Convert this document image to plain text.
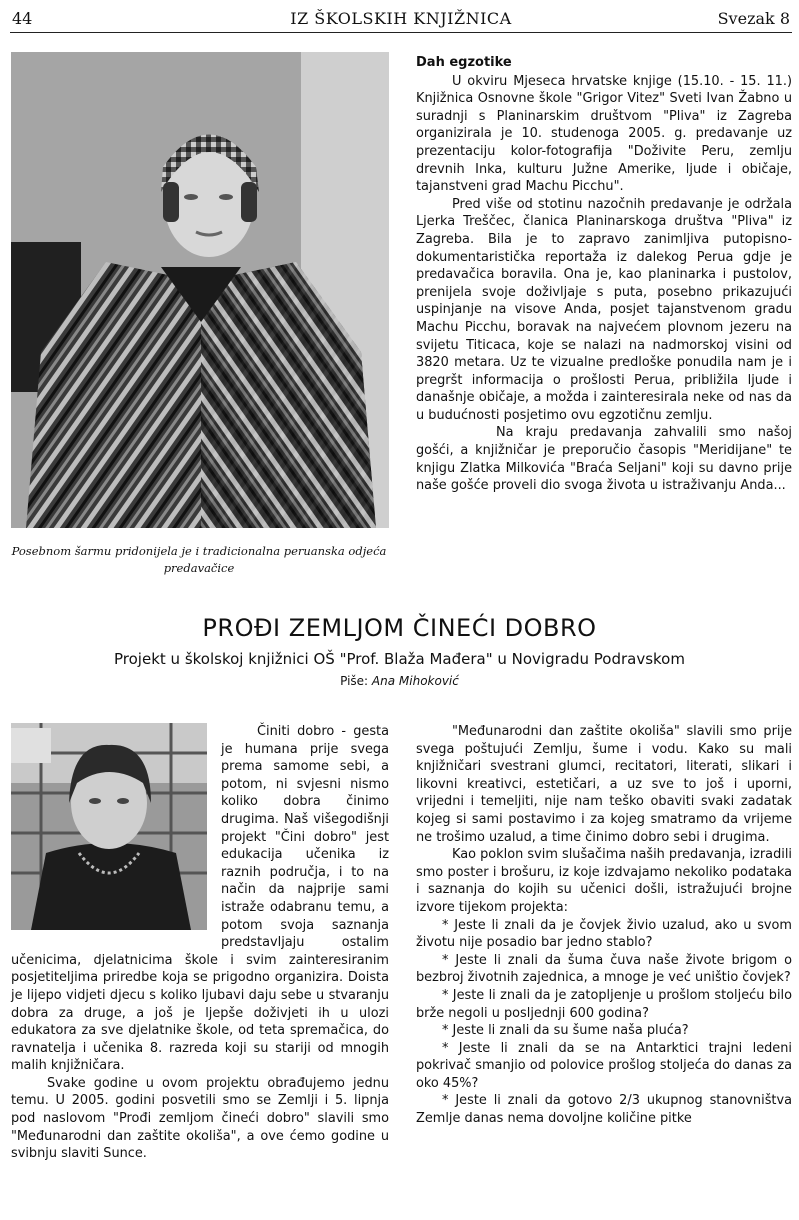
44	IZ ŠKOLSKIH KNJIŽNICA	Svezak 8
Posebnom šarmu pridonijela je i tradicionalna peruanska odjeća predavačice
Dah egzotike

U okviru Mjeseca hrvatske knjige (15.10. - 15. 11.) Knjižnica Osnovne škole "Grigor Vitez" Sveti Ivan Žabno u suradnji s Planinarskim društvom "Pliva" iz Zagreba organizirala je 10. studenoga 2005. g. predavanje uz prezentaciju kolor-fotografija "Doživite Peru, zemlju drevnih Inka, kulturu Južne Amerike, ljude i običaje, tajanstveni grad Machu Picchu".

Pred više od stotinu nazočnih predavanje je održala Ljerka Treščec, članica Planinarskoga društva "Pliva" iz Zagreba. Bila je to zapravo zanimljiva putopisno-dokumentaristička reportaža iz dalekog Perua gdje je predavačica boravila. Ona je, kao planinarka i pustolov, prenijela svoje doživljaje s puta, posebno prikazujući uspinjanje na visove Anda, posjet tajanstvenom gradu Machu Picchu, boravak na najvećem plovnom jezeru na svijetu Titicaca, koje se nalazi na nadmorskoj visini od 3820 metara. Uz te vizualne predloške ponudila nam je i pregršt informacija o prošlosti Perua, približila ljude i današnje običaje, a možda i zainteresirala neke od nas da u budućnosti posjetimo ovu egzotičnu zemlju.

Na kraju predavanja zahvalili smo našoj gošći, a knjižničar je preporučio časopis "Meridijane" te knjigu Zlatka Milkovića "Braća Seljani" koji su davno prije naše gošće proveli dio svoga života u istraživanju Anda...

PROĐI ZEMLJOM ČINEĆI DOBRO
Projekt u školskoj knjižnici OŠ "Prof. Blaža Mađera" u Novigradu Podravskom
Piše: Ana Mihoković

Činiti dobro - gesta je humana prije svega prema samome sebi, a potom, ni svjesni nismo koliko dobra činimo drugima. Naš višegodišnji projekt "Čini dobro" jest edukacija učenika iz raznih područja, i to na način da najprije sami istraže odabranu temu, a potom svoja saznanja predstavljaju ostalim učenicima, djelatnicima škole i svim zainteresiranim posjetiteljima priredbe koja se prigodno organizira. Doista je lijepo vidjeti djecu s koliko ljubavi daju sebe u stvaranju dobra za druge, a još je ljepše doživjeti ih u ulozi edukatora za sve djelatnike škole, od teta spremačica, do ravnatelja i učenika 8. razreda koji su stariji od mnogih malih knjižničara.

Svake godine u ovom projektu obrađujemo jednu temu. U 2005. godini posvetili smo se Zemlji i 5. lipnja pod naslovom "Prođi zemljom čineći dobro" slavili smo "Međunarodni dan zaštite okoliša", a ove ćemo godine u svibnju slaviti Sunce.

"Međunarodni dan zaštite okoliša" slavili smo prije svega poštujući Zemlju, šume i vodu. Kako su mali knjižničari svestrani glumci, recitatori, literati, slikari i likovni kreativci, estetičari, a uz sve to još i uporni, vrijedni i temeljiti, nije nam teško obaviti svaki zadatak kojeg si sami postavimo i za kojeg smatramo da vrijeme ne trošimo uzalud, a time činimo dobro sebi i drugima.

Kao poklon svim slušačima naših predavanja, izradili smo poster i brošuru, iz koje izdvajamo nekoliko podataka i saznanja do kojih su učenici došli, istražujući brojne izvore tijekom projekta:

* Jeste li znali da je čovjek živio uzalud, ako u svom životu nije posadio bar jedno stablo?

* Jeste li znali da šuma čuva naše živote brigom o bezbroj životnih zajednica, a mnoge je već uništio čovjek?

* Jeste li znali da je zatopljenje u prošlom stoljeću bilo brže negoli u posljednji 600 godina?

* Jeste li znali da su šume naša pluća?

* Jeste li znali da se na Antarktici trajni ledeni pokrivač smanjio od polovice prošlog stoljeća do danas za oko 45%?

* Jeste li znali da gotovo 2/3 ukupnog stanovništva Zemlje danas nema dovoljne količine pitke
